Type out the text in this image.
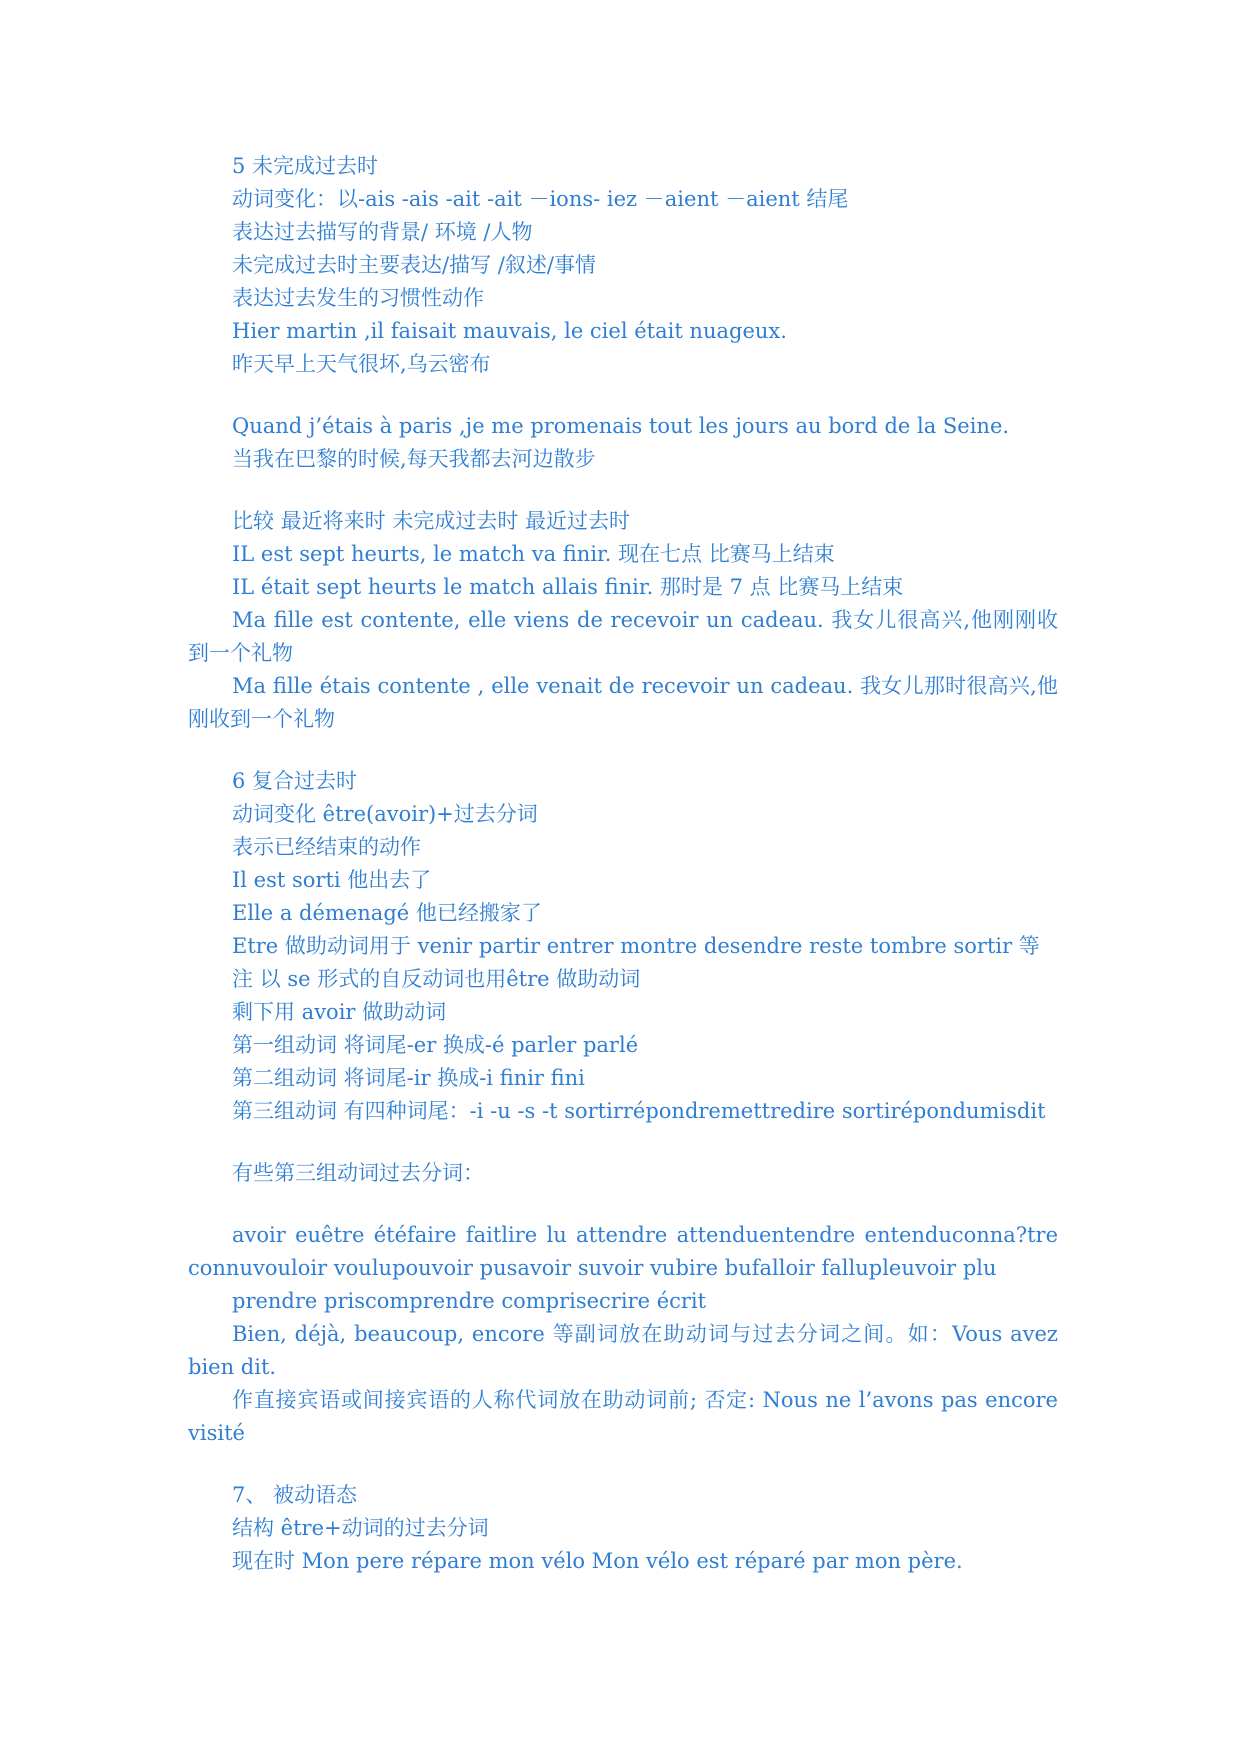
5 未完成过去时
动词变化：以-ais -ais -ait -ait －ions- iez －aient －aient 结尾
表达过去描写的背景/ 环境 /人物
未完成过去时主要表达/描写 /叙述/事情
表达过去发生的习惯性动作
Hier martin ,il faisait mauvais, le ciel était nuageux.
昨天早上天气很坏,乌云密布
Quand j’étais à paris ,je me promenais tout les jours au bord de la Seine.
当我在巴黎的时候,每天我都去河边散步
比较 最近将来时 未完成过去时 最近过去时
IL est sept heurts, le match va finir. 现在七点 比赛马上结束
IL était sept heurts le match allais finir. 那时是 7 点 比赛马上结束
Ma fille est contente, elle viens de recevoir un cadeau. 我女儿很高兴,他刚刚收到一个礼物
Ma fille étais contente , elle venait de recevoir un cadeau. 我女儿那时很高兴,他刚收到一个礼物
6 复合过去时
动词变化 être(avoir)+过去分词
表示已经结束的动作
Il est sorti 他出去了
Elle a démenagé 他已经搬家了
Etre 做助动词用于 venir partir entrer montre desendre reste tombre sortir 等
注 以 se 形式的自反动词也用être 做助动词
剩下用 avoir 做助动词
第一组动词 将词尾-er 换成-é parler parlé
第二组动词 将词尾-ir 换成-i finir fini
第三组动词 有四种词尾：-i -u -s -t sortirrépondremettredire sortirépondumisdit
有些第三组动词过去分词：
avoir euêtre étéfaire faitlire lu attendre attenduentendre entenduconna?tre connuvouloir voulupouvoir pusavoir suvoir vubire bufalloir fallupleuvoir plu
prendre priscomprendre comprisecrire écrit
Bien, déjà, beaucoup, encore 等副词放在助动词与过去分词之间。如：Vous avez bien dit.
作直接宾语或间接宾语的人称代词放在助动词前; 否定: Nous ne l’avons pas encore visité
7、 被动语态
结构 être+动词的过去分词
现在时 Mon pere répare mon vélo Mon vélo est réparé par mon père.
